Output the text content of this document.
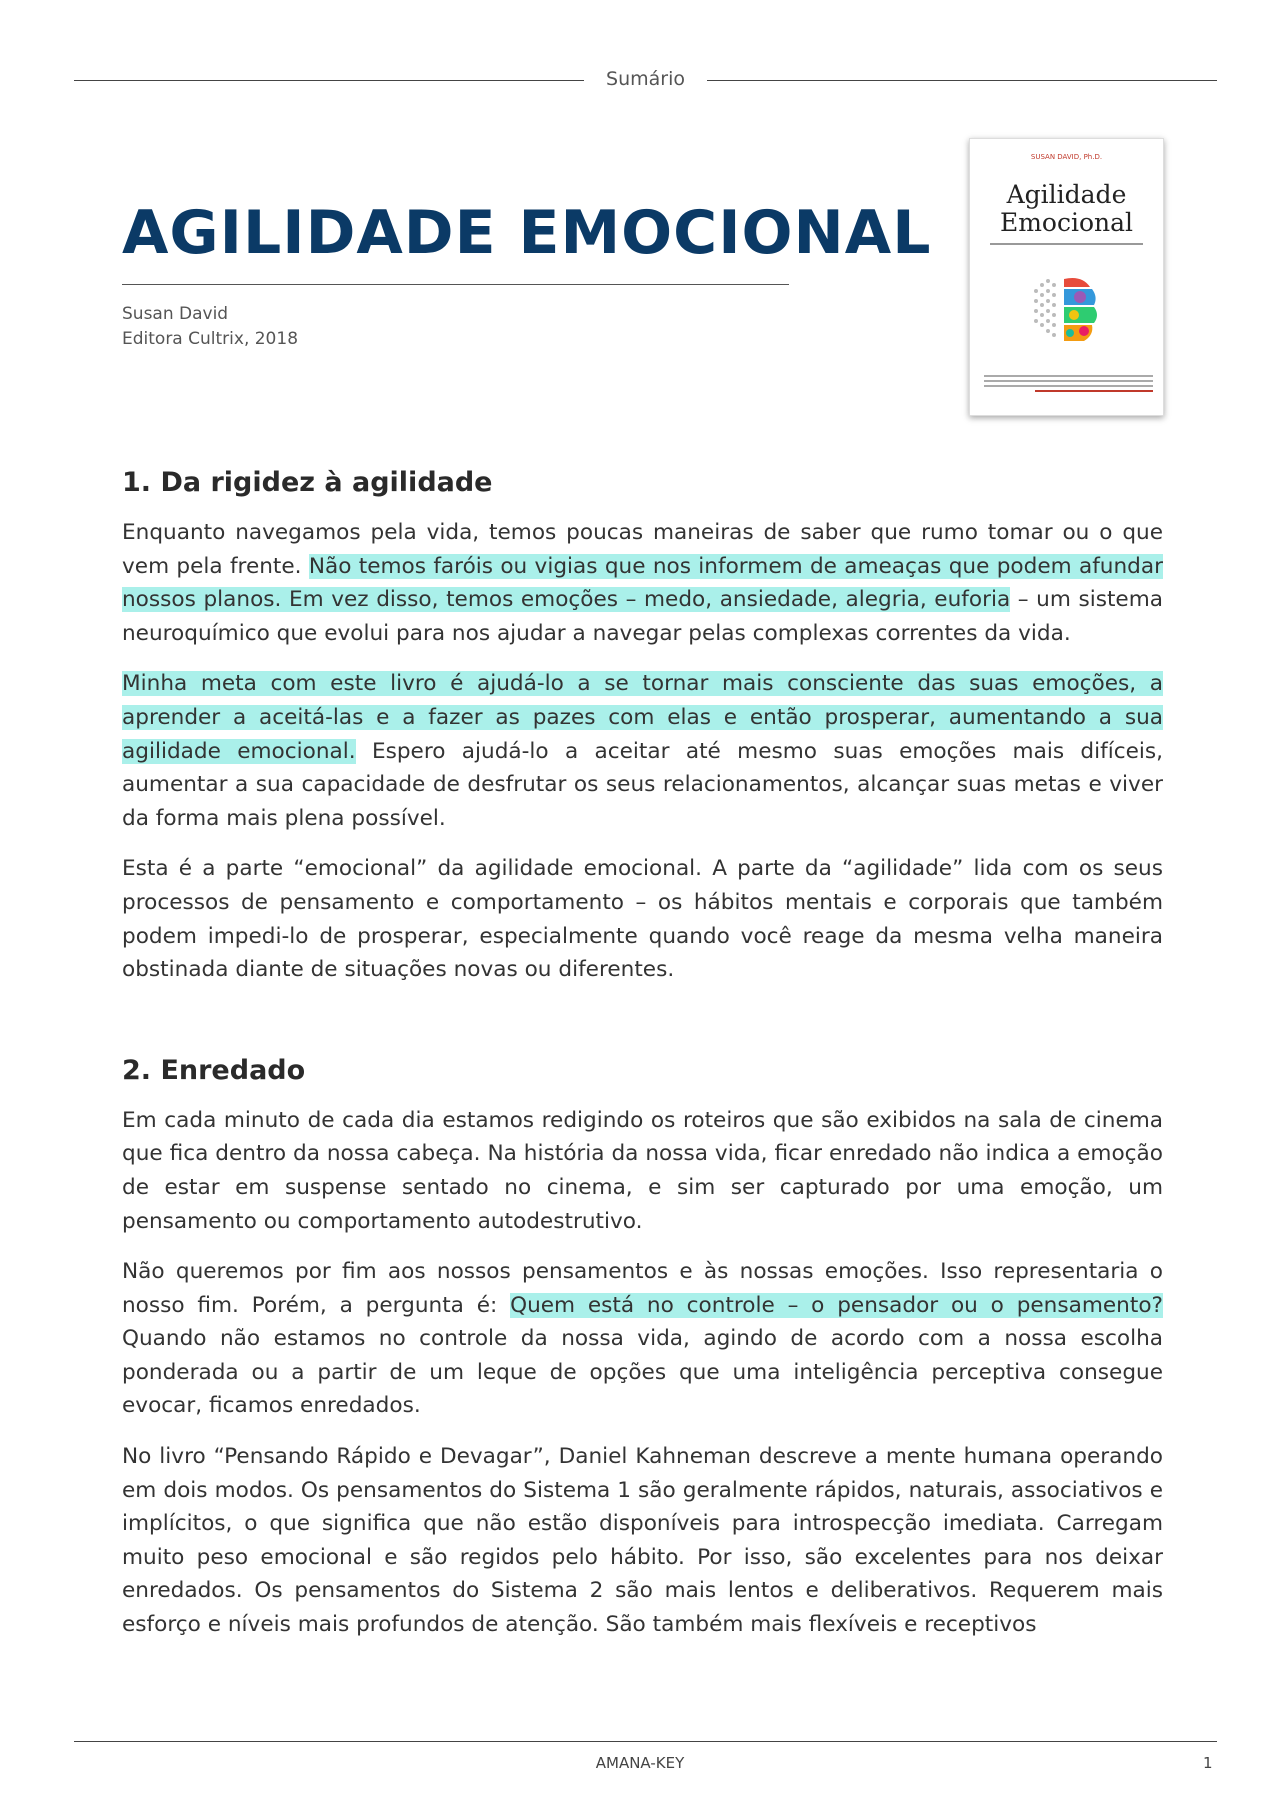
Sumário
AGILIDADE EMOCIONAL
Susan David
Editora Cultrix, 2018
SUSAN DAVID, Ph.D.
Agilidade
Emocional
1. Da rigidez à agilidade

Enquanto navegamos pela vida, temos poucas maneiras de saber que rumo tomar ou o que vem pela frente. Não temos faróis ou vigias que nos informem de ameaças que podem afundar nossos planos. Em vez disso, temos emoções – medo, ansiedade, alegria, euforia – um sistema neuroquímico que evolui para nos ajudar a navegar pelas complexas correntes da vida.

Minha meta com este livro é ajudá-lo a se tornar mais consciente das suas emoções, a aprender a aceitá-las e a fazer as pazes com elas e então prosperar, aumentando a sua agilidade emocional. Espero ajudá-lo a aceitar até mesmo suas emoções mais difíceis, aumentar a sua capacidade de desfrutar os seus relacionamentos, alcançar suas metas e viver da forma mais plena possível.

Esta é a parte “emocional” da agilidade emocional. A parte da “agilidade” lida com os seus processos de pensamento e comportamento – os hábitos mentais e corporais que também podem impedi-lo de prosperar, especialmente quando você reage da mesma velha maneira obstinada diante de situações novas ou diferentes.

2. Enredado

Em cada minuto de cada dia estamos redigindo os roteiros que são exibidos na sala de cinema que fica dentro da nossa cabeça. Na história da nossa vida, ficar enredado não indica a emoção de estar em suspense sentado no cinema, e sim ser capturado por uma emoção, um pensamento ou comportamento autodestrutivo.

Não queremos por fim aos nossos pensamentos e às nossas emoções. Isso representaria o nosso fim. Porém, a pergunta é: Quem está no controle – o pensador ou o pensamento? Quando não estamos no controle da nossa vida, agindo de acordo com a nossa escolha ponderada ou a partir de um leque de opções que uma inteligência perceptiva consegue evocar, ficamos enredados.

No livro “Pensando Rápido e Devagar”, Daniel Kahneman descreve a mente humana operando em dois modos. Os pensamentos do Sistema 1 são geralmente rápidos, naturais, associativos e implícitos, o que significa que não estão disponíveis para introspecção imediata. Carregam muito peso emocional e são regidos pelo hábito. Por isso, são excelentes para nos deixar enredados. Os pensamentos do Sistema 2 são mais lentos e deliberativos. Requerem mais esforço e níveis mais profundos de atenção. São também mais flexíveis e receptivos

AMANA-KEY	1
